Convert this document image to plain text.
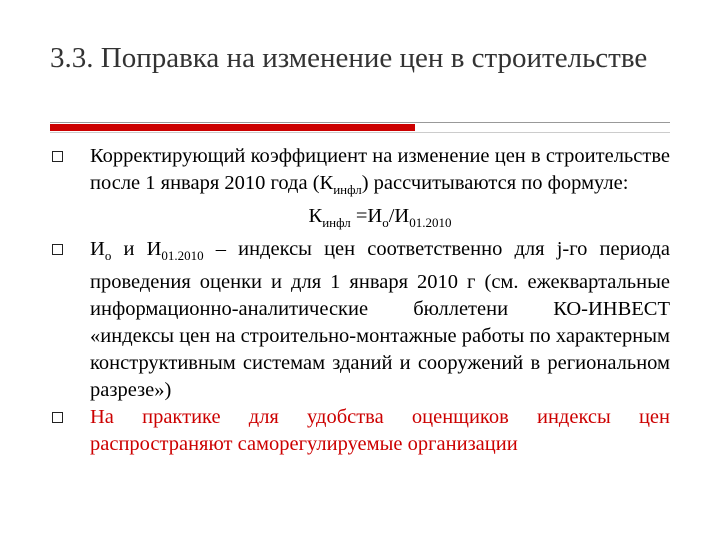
3.3. Поправка на изменение цен в строительстве
Корректирующий коэффициент на изменение цен в строительстве после 1 января 2010 года $(К_{инфл})$ рассчитываются по формуле:
$К_{инфл} =И_о/И_{01.2010}$
$И_о$ и $И_{01.2010}$ – индексы цен соответственно для j-го периода проведения оценки и для 1 января 2010 г (см. ежеквартальные информационно-аналитические бюллетени КО-ИНВЕСТ «индексы цен на строительно-монтажные работы по характерным конструктивным системам зданий и сооружений в региональном разрезе»)
На практике для удобства оценщиков индексы цен распространяют саморегулируемые организации
